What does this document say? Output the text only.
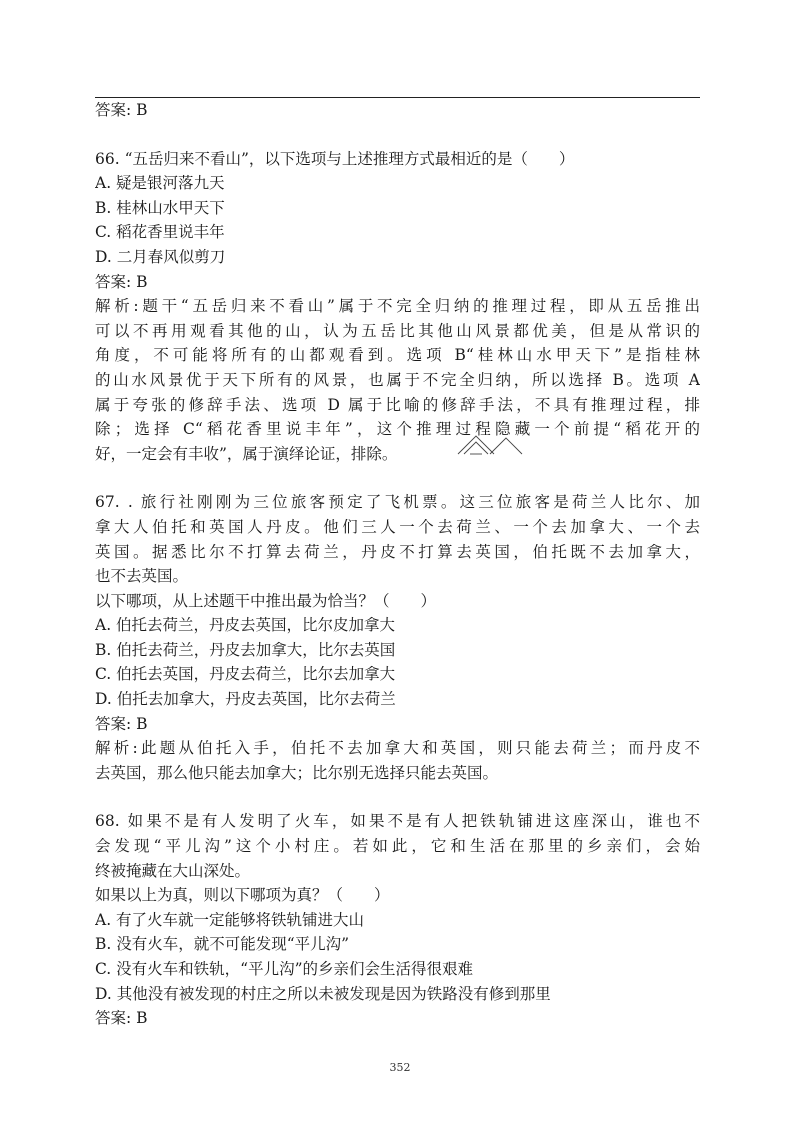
答案: B
66. “五岳归来不看山”，以下选项与上述推理方式最相近的是（　　）
A. 疑是银河落九天
B. 桂林山水甲天下
C. 稻花香里说丰年
D. 二月春风似剪刀
答案: B
解析:题干“五岳归来不看山”属于不完全归纳的推理过程，即从五岳推出
可以不再用观看其他的山，认为五岳比其他山风景都优美，但是从常识的
角度，不可能将所有的山都观看到。选项 B“桂林山水甲天下”是指桂林
的山水风景优于天下所有的风景，也属于不完全归纳，所以选择 B。选项 A
属于夸张的修辞手法、选项 D 属于比喻的修辞手法，不具有推理过程，排
除；选择 C“稻花香里说丰年”，这个推理过程隐藏一个前提“稻花开的
好，一定会有丰收”，属于演绎论证，排除。
67. . 旅行社刚刚为三位旅客预定了飞机票。这三位旅客是荷兰人比尔、加
拿大人伯托和英国人丹皮。他们三人一个去荷兰、一个去加拿大、一个去
英国。据悉比尔不打算去荷兰，丹皮不打算去英国，伯托既不去加拿大，
也不去英国。
以下哪项，从上述题干中推出最为恰当？（　　）
A. 伯托去荷兰，丹皮去英国，比尔皮加拿大
B. 伯托去荷兰，丹皮去加拿大，比尔去英国
C. 伯托去英国，丹皮去荷兰，比尔去加拿大
D. 伯托去加拿大，丹皮去英国，比尔去荷兰
答案: B
解析:此题从伯托入手，伯托不去加拿大和英国，则只能去荷兰；而丹皮不
去英国，那么他只能去加拿大；比尔别无选择只能去英国。
68. 如果不是有人发明了火车，如果不是有人把铁轨铺进这座深山，谁也不
会发现“平儿沟”这个小村庄。若如此，它和生活在那里的乡亲们，会始
终被掩藏在大山深处。
如果以上为真，则以下哪项为真？（　　）
A. 有了火车就一定能够将铁轨铺进大山
B. 没有火车，就不可能发现“平儿沟”
C. 没有火车和铁轨，“平儿沟”的乡亲们会生活得很艰难
D. 其他没有被发现的村庄之所以未被发现是因为铁路没有修到那里
答案: B
352
